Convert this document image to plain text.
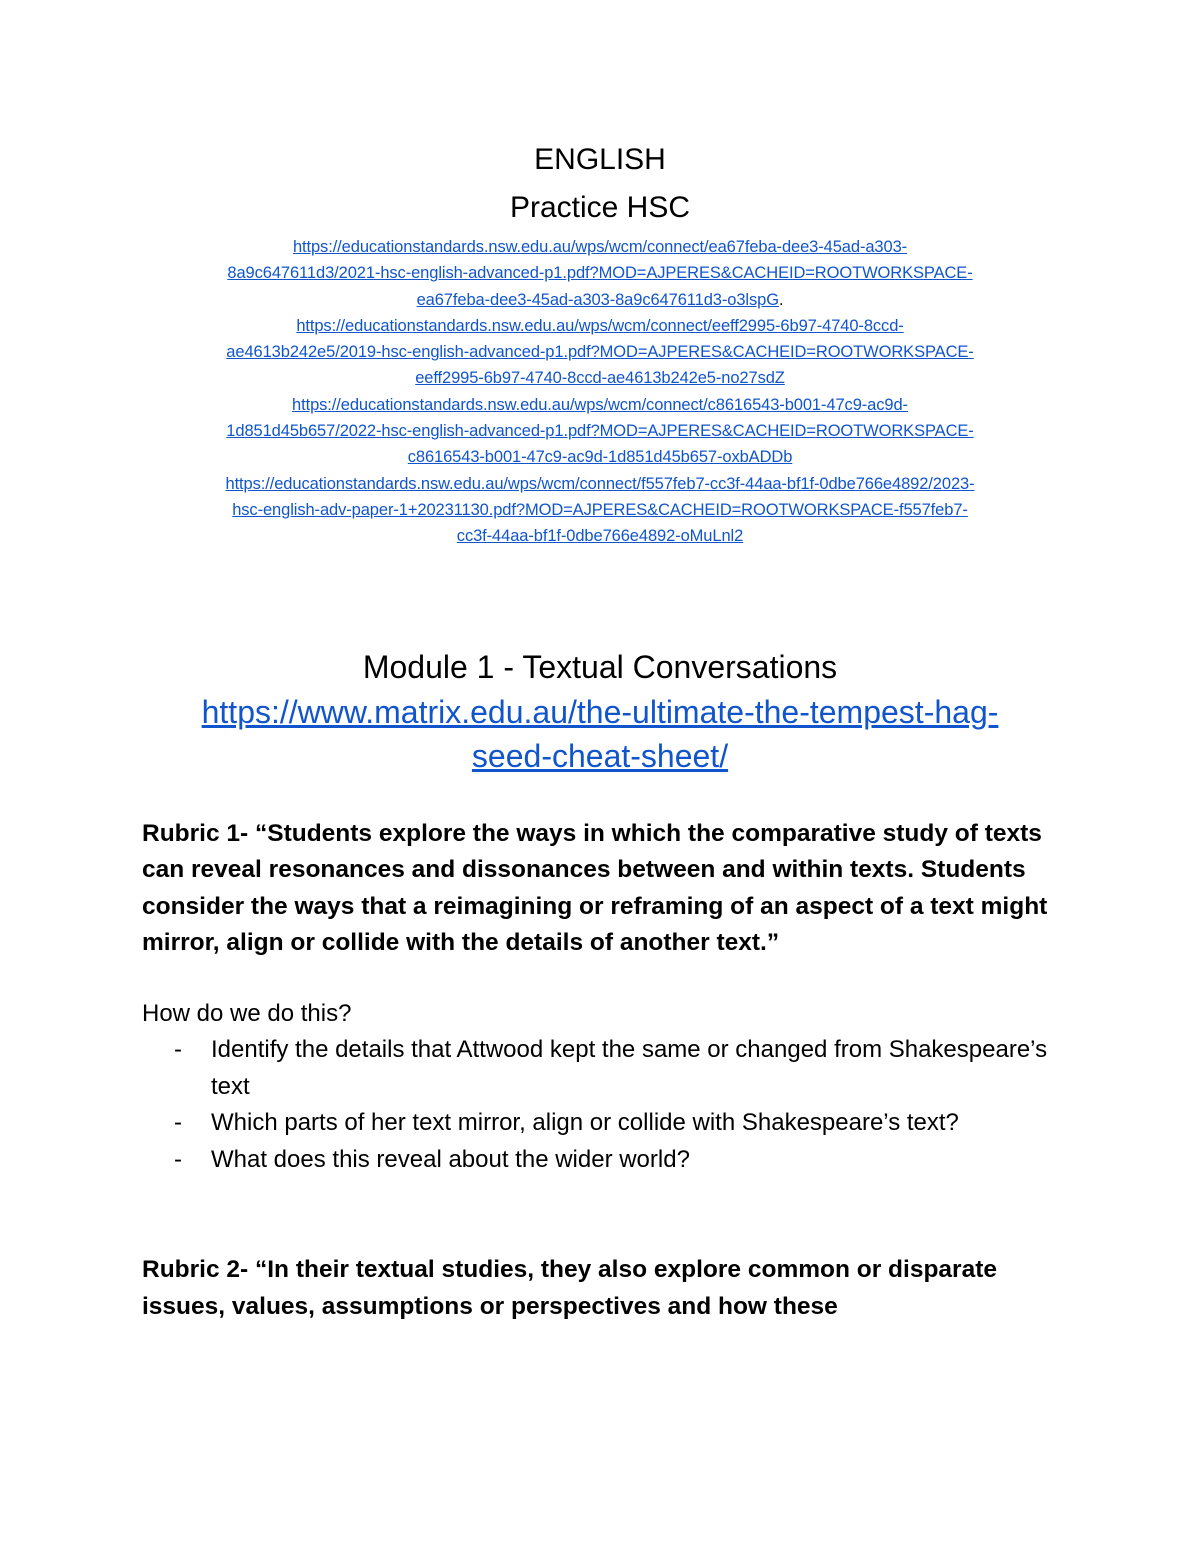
ENGLISH
Practice HSC
https://educationstandards.nsw.edu.au/wps/wcm/connect/ea67feba-dee3-45ad-a303-
8a9c647611d3/2021-hsc-english-advanced-p1.pdf?MOD=AJPERES&CACHEID=ROOTWORKSPACE-
ea67feba-dee3-45ad-a303-8a9c647611d3-o3lspG.
https://educationstandards.nsw.edu.au/wps/wcm/connect/eeff2995-6b97-4740-8ccd-
ae4613b242e5/2019-hsc-english-advanced-p1.pdf?MOD=AJPERES&CACHEID=ROOTWORKSPACE-
eeff2995-6b97-4740-8ccd-ae4613b242e5-no27sdZ
https://educationstandards.nsw.edu.au/wps/wcm/connect/c8616543-b001-47c9-ac9d-
1d851d45b657/2022-hsc-english-advanced-p1.pdf?MOD=AJPERES&CACHEID=ROOTWORKSPACE-
c8616543-b001-47c9-ac9d-1d851d45b657-oxbADDb
https://educationstandards.nsw.edu.au/wps/wcm/connect/f557feb7-cc3f-44aa-bf1f-0dbe766e4892/2023-
hsc-english-adv-paper-1+20231130.pdf?MOD=AJPERES&CACHEID=ROOTWORKSPACE-f557feb7-
cc3f-44aa-bf1f-0dbe766e4892-oMuLnl2
Module 1 - Textual Conversations
https://www.matrix.edu.au/the-ultimate-the-tempest-hag-
seed-cheat-sheet/
Rubric 1- “Students explore the ways in which the comparative study of texts can reveal resonances and dissonances between and within texts. Students consider the ways that a reimagining or reframing of an aspect of a text might mirror, align or collide with the details of another text.”
How do we do this?
- Identify the details that Attwood kept the same or changed from Shakespeare’s text
- Which parts of her text mirror, align or collide with Shakespeare’s text?
- What does this reveal about the wider world?
Rubric 2- “In their textual studies, they also explore common or disparate issues, values, assumptions or perspectives and how these
